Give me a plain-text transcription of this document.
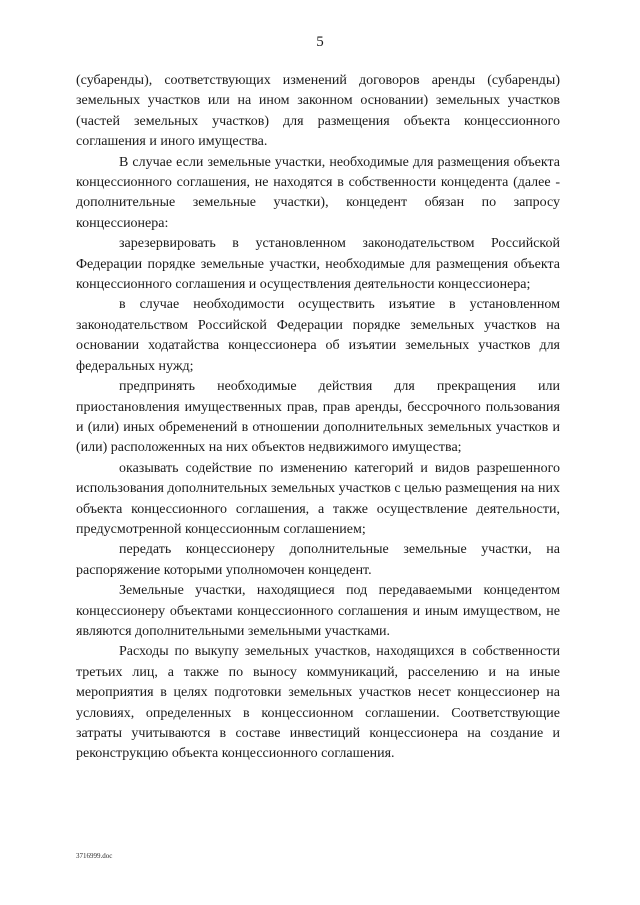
5

(субаренды), соответствующих изменений договоров аренды (субаренды) земельных участков или на ином законном основании) земельных участков (частей земельных участков) для размещения объекта концессионного соглашения и иного имущества.

В случае если земельные участки, необходимые для размещения объекта концессионного соглашения, не находятся в собственности концедента (далее - дополнительные земельные участки), концедент обязан по запросу концессионера:

зарезервировать в установленном законодательством Российской Федерации порядке земельные участки, необходимые для размещения объекта концессионного соглашения и осуществления деятельности концессионера;

в случае необходимости осуществить изъятие в установленном законодательством Российской Федерации порядке земельных участков на основании ходатайства концессионера об изъятии земельных участков для федеральных нужд;

предпринять необходимые действия для прекращения или приостановления имущественных прав, прав аренды, бессрочного пользования и (или) иных обременений в отношении дополнительных земельных участков и (или) расположенных на них объектов недвижимого имущества;

оказывать содействие по изменению категорий и видов разрешенного использования дополнительных земельных участков с целью размещения на них объекта концессионного соглашения, а также осуществление деятельности, предусмотренной концессионным соглашением;

передать концессионеру дополнительные земельные участки, на распоряжение которыми уполномочен концедент.

Земельные участки, находящиеся под передаваемыми концедентом концессионеру объектами концессионного соглашения и иным имуществом, не являются дополнительными земельными участками.

Расходы по выкупу земельных участков, находящихся в собственности третьих лиц, а также по выносу коммуникаций, расселению и на иные мероприятия в целях подготовки земельных участков несет концессионер на условиях, определенных в концессионном соглашении. Соответствующие затраты учитываются в составе инвестиций концессионера на создание и реконструкцию объекта концессионного соглашения.

3716999.doc
